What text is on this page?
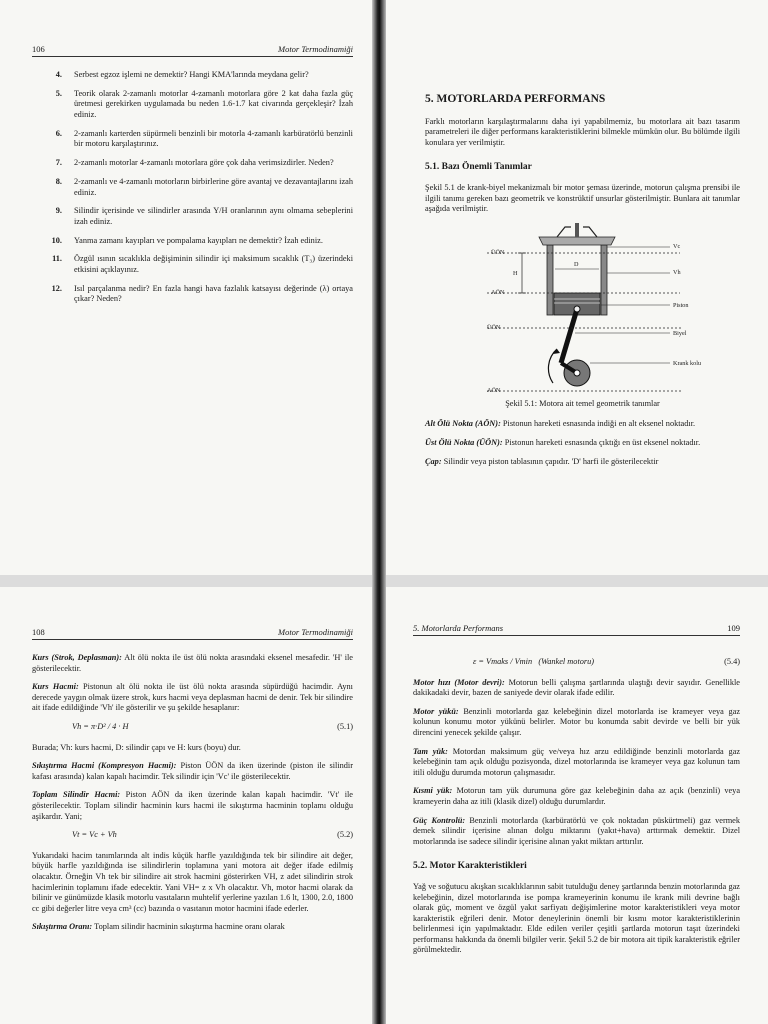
106	Motor Termodinamiği
4.	Serbest egzoz işlemi ne demektir? Hangi KMA'larında meydana gelir?
5.	Teorik olarak 2-zamanlı motorlar 4-zamanlı motorlara göre 2 kat daha fazla güç üretmesi gerekirken uygulamada bu neden 1.6-1.7 kat civarında gerçekleşir? İzah ediniz.
6.	2-zamanlı karterden süpürmeli benzinli bir motorla 4-zamanlı karbüratörlü benzinli bir motoru karşılaştırınız.
7.	2-zamanlı motorlar 4-zamanlı motorlara göre çok daha verimsizdirler. Neden?
8.	2-zamanlı ve 4-zamanlı motorların birbirlerine göre avantaj ve dezavantajlarını izah ediniz.
9.	Silindir içerisinde ve silindirler arasında Y/H oranlarının aynı olmama sebeplerini izah ediniz.
10.	Yanma zamanı kayıpları ve pompalama kayıpları ne demektir? İzah ediniz.
11.	Özgül ısının sıcaklıkla değişiminin silindir içi maksimum sıcaklık (T₃) üzerindeki etkisini açıklayınız.
12.	Isıl parçalanma nedir? En fazla hangi hava fazlalık katsayısı değerinde (λ) ortaya çıkar? Neden?
5. MOTORLARDA PERFORMANS

Farklı motorların karşılaştırmalarını daha iyi yapabilmemiz, bu motorlara ait bazı tasarım parametreleri ile diğer performans karakteristiklerini bilmekle mümkün olur. Bu bölümde ilgili konulara yer verilmiştir.

5.1. Bazı Önemli Tanımlar

Şekil 5.1 de krank-biyel mekanizmalı bir motor şeması üzerinde, motorun çalışma prensibi ile ilgili tanımı gereken bazı geometrik ve konstrüktif unsurlar gösterilmiştir. Bunlara ait tanımlar aşağıda verilmiştir.

ÜÖN
AÖN
ÜÖN
AÖN
H
D
Vc
Vh
Piston
Biyel
Krank kolu
Şekil 5.1: Motora ait temel geometrik tanımlar

Alt Ölü Nokta (AÖN): Pistonun hareketi esnasında indiği en alt eksenel noktadır.

Üst Ölü Nokta (ÜÖN): Pistonun hareketi esnasında çıktığı en üst eksenel noktadır.

Çap: Silindir veya piston tablasının çapıdır. 'D' harfi ile gösterilecektir

108	Motor Termodinamiği

Kurs (Strok, Deplasman): Alt ölü nokta ile üst ölü nokta arasındaki eksenel mesafedir. 'H' ile gösterilecektir.

Kurs Hacmi: Pistonun alt ölü nokta ile üst ölü nokta arasında süpürdüğü hacimdir. Aynı derecede yaygın olmak üzere strok, kurs hacmi veya deplasman hacmi de denir. Tek bir silindire ait ifade edildiğinde 'Vh' ile gösterilir ve şu şekilde hesaplanır:

Vh = π·D² / 4 · H	(5.1)

Burada; Vh: kurs hacmi, D: silindir çapı ve H: kurs (boyu) dur.

Sıkıştırma Hacmi (Kompresyon Hacmi): Piston ÜÖN da iken üzerinde (piston ile silindir kafası arasında) kalan kapalı hacimdir. Tek silindir için 'Vc' ile gösterilecektir.

Toplam Silindir Hacmi: Piston AÖN da iken üzerinde kalan kapalı hacimdir. 'Vt' ile gösterilecektir. Toplam silindir hacminin kurs hacmi ile sıkıştırma hacminin toplamı olduğu aşikardır. Yani;

Vt = Vc + Vh	(5.2)

Yukarıdaki hacim tanımlarında alt indis küçük harfle yazıldığında tek bir silindire ait değer, büyük harfle yazıldığında ise silindirlerin toplamına yani motora ait değer ifade edilmiş olacaktır. Örneğin Vh tek bir silindire ait strok hacmini gösterirken VH, z adet silindirin strok hacimlerinin toplamını ifade edecektir. Yani VH= z x Vh olacaktır. Vh, motor hacmi olarak da bilinir ve günümüzde klasik motorlu vasıtaların muhtelif yerlerine yazılan 1.6 lt, 1300, 2.0, 1800 cc gibi değerler litre veya cm³ (cc) bazında o vasıtanın motor hacmini ifade ederler.

Sıkıştırma Oranı: Toplam silindir hacminin sıkıştırma hacmine oranı olarak

5. Motorlarda Performans	109
ε = Vmaks / Vmin (Wankel motoru)	(5.4)

Motor hızı (Motor devri): Motorun belli çalışma şartlarında ulaştığı devir sayıdır. Genellikle dakikadaki devir, bazen de saniyede devir olarak ifade edilir.

Motor yükü: Benzinli motorlarda gaz kelebeğinin dizel motorlarda ise krameyer veya gaz kolunun konumu motor yükünü belirler. Motor bu konumda sabit devirde ve belli bir yük direncini yenecek şekilde çalışır.

Tam yük: Motordan maksimum güç ve/veya hız arzu edildiğinde benzinli motorlarda gaz kelebeğinin tam açık olduğu pozisyonda, dizel motorlarında ise krameyer veya gaz kolunun tam itili olduğu durumda motorun çalışmasıdır.

Kısmi yük: Motorun tam yük durumuna göre gaz kelebeğinin daha az açık (benzinli) veya krameyerin daha az itili (klasik dizel) olduğu durumlardır.

Güç Kontrolü: Benzinli motorlarda (karbüratörlü ve çok noktadan püskürtmeli) gaz vermek demek silindir içerisine alınan dolgu miktarını (yakıt+hava) arttırmak demektir. Dizel motorlarında ise sadece silindir içerisine alınan yakıt miktarı arttırılır.

5.2. Motor Karakteristikleri

Yağ ve soğutucu akışkan sıcaklıklarının sabit tutulduğu deney şartlarında benzin motorlarında gaz kelebeğinin, dizel motorlarında ise pompa krameyerinin konumu ile krank mili devrine bağlı olarak güç, moment ve özgül yakıt sarfiyatı değişimlerine motor karakteristikleri veya motor karakteristik eğrileri denir. Motor deneylerinin önemli bir kısmı motor karakteristiklerinin belirlenmesi için yapılmaktadır. Elde edilen veriler çeşitli şartlarda motorun taşıt üzerindeki performansı hakkında da önemli bilgiler verir. Şekil 5.2 de bir motora ait tipik karakteristik eğriler görülmektedir.
